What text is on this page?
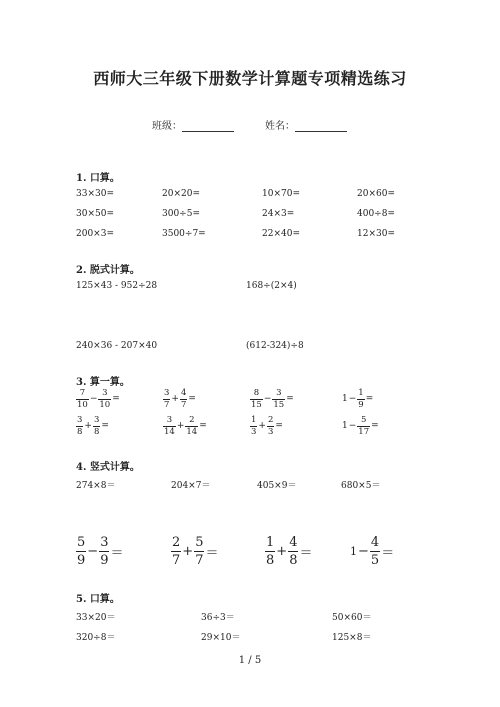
西师大三年级下册数学计算题专项精选练习
班级：	姓名：
1. 口算。
33×30=	20×20=	10×70=	20×60=
30×50=	300÷5=	24×3=	400÷8=
200×3=	3500÷7=	22×40=	12×30=
2. 脱式计算。
125×43 - 952÷28	168÷(2×4)
240×36 - 207×40	(612-324)÷8
3. 算一算。
$\frac{7}{10} - \frac{3}{10}$ =	$\frac{3}{7} + \frac{4}{7}$ =	$\frac{8}{15} - \frac{3}{15}$ =	$1 - \frac{1}{9}$ =
$\frac{3}{8} + \frac{3}{8}$ =	$\frac{3}{14} + \frac{2}{14}$ =	$\frac{1}{3} + \frac{2}{3}$ =	$1 - \frac{5}{17}$ =
4. 竖式计算。
274×8＝	204×7＝	405×9＝	680×5＝
$\frac{5}{9} - \frac{3}{9}$ ＝	$\frac{2}{7} + \frac{5}{7}$ ＝	$\frac{1}{8} + \frac{4}{8}$ ＝	$1 - \frac{4}{5}$ ＝
5. 口算。
33×20＝	36÷3＝	50×60＝
320÷8＝	29×10＝	125×8＝
1 / 5
